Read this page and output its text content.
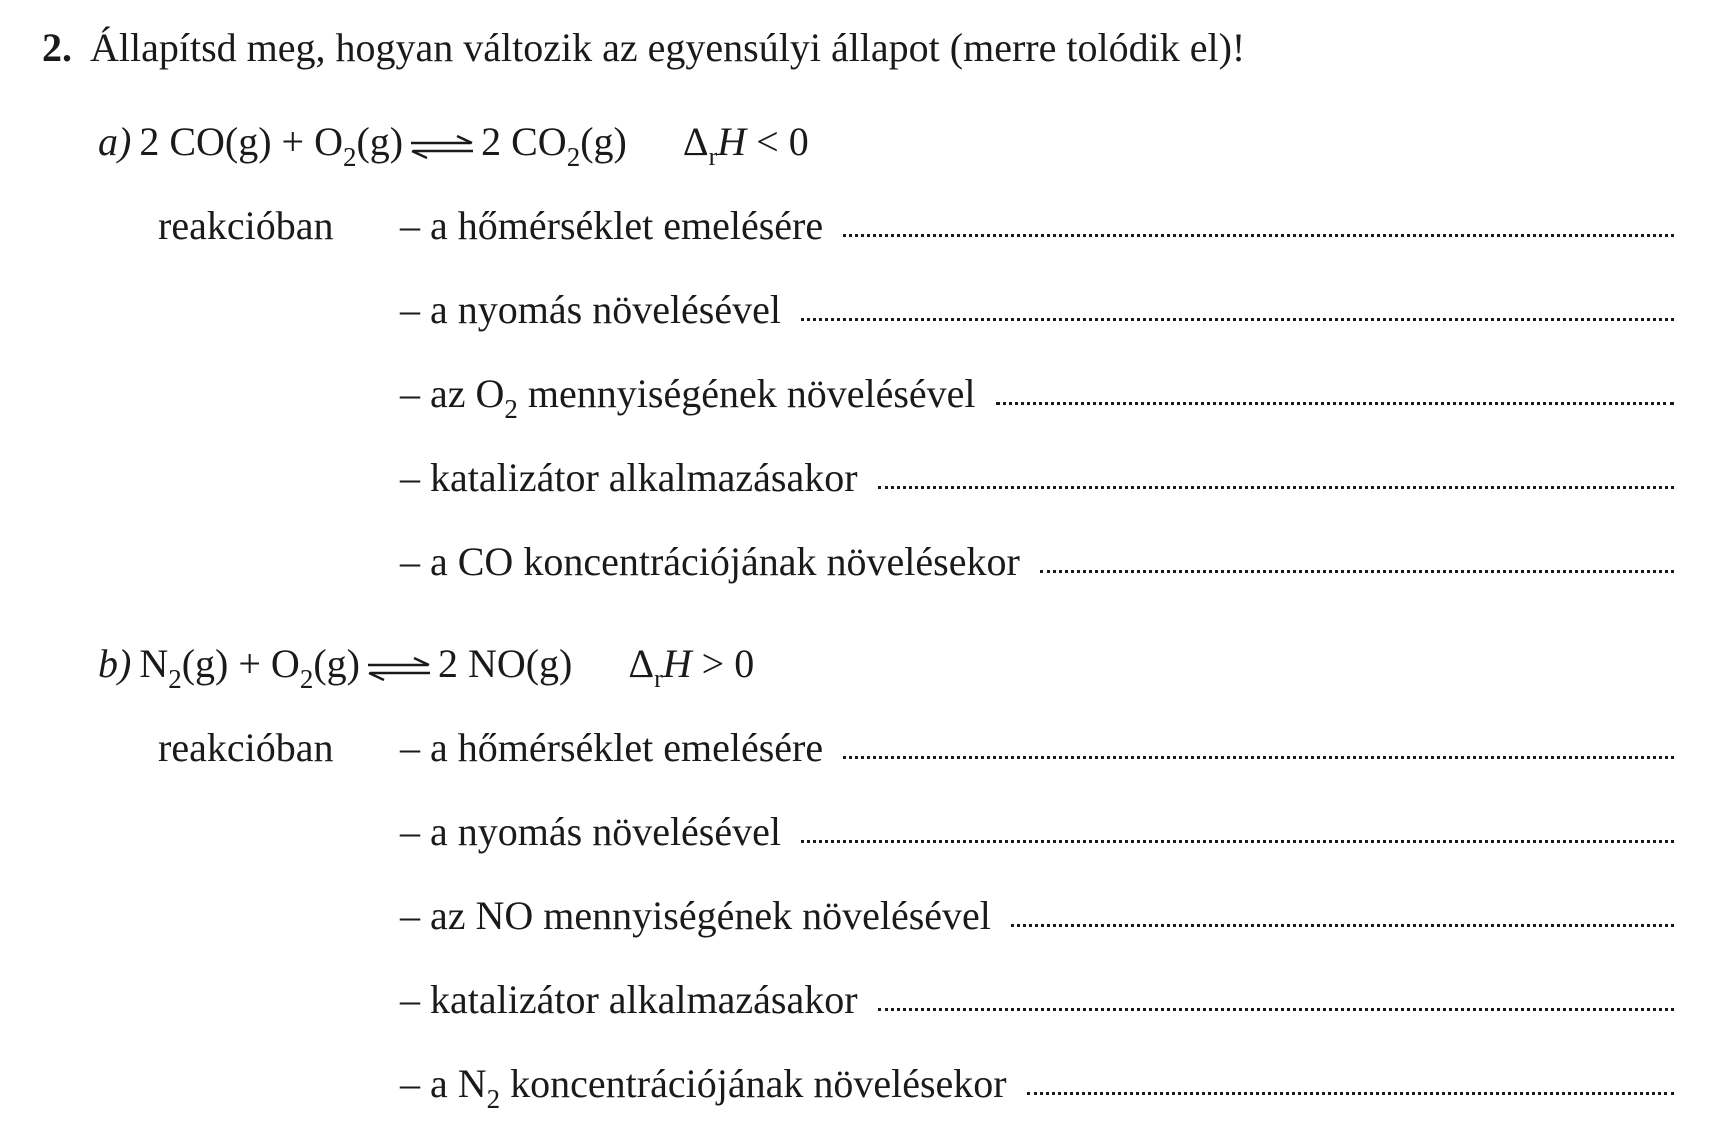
2. Állapítsd meg, hogyan változik az egyensúlyi állapot (merre tolódik el)!
a) 2 $CO(g) + O_2(g)$ ⇌ 2 $CO_2(g) \Delta_rH < 0$
reakcióban – a hőmérséklet emelésére
– a nyomás növelésével
– az $O_2$ mennyiségének növelésével
– katalizátor alkalmazásakor
– a CO koncentrációjának növelésekor
b) $N_2(g) + O_2(g)$ ⇌ 2 NO(g) $\Delta_rH > 0$
reakcióban – a hőmérséklet emelésére
– a nyomás növelésével
– az NO mennyiségének növelésével
– katalizátor alkalmazásakor
– a $N_2$ koncentrációjának növelésekor
